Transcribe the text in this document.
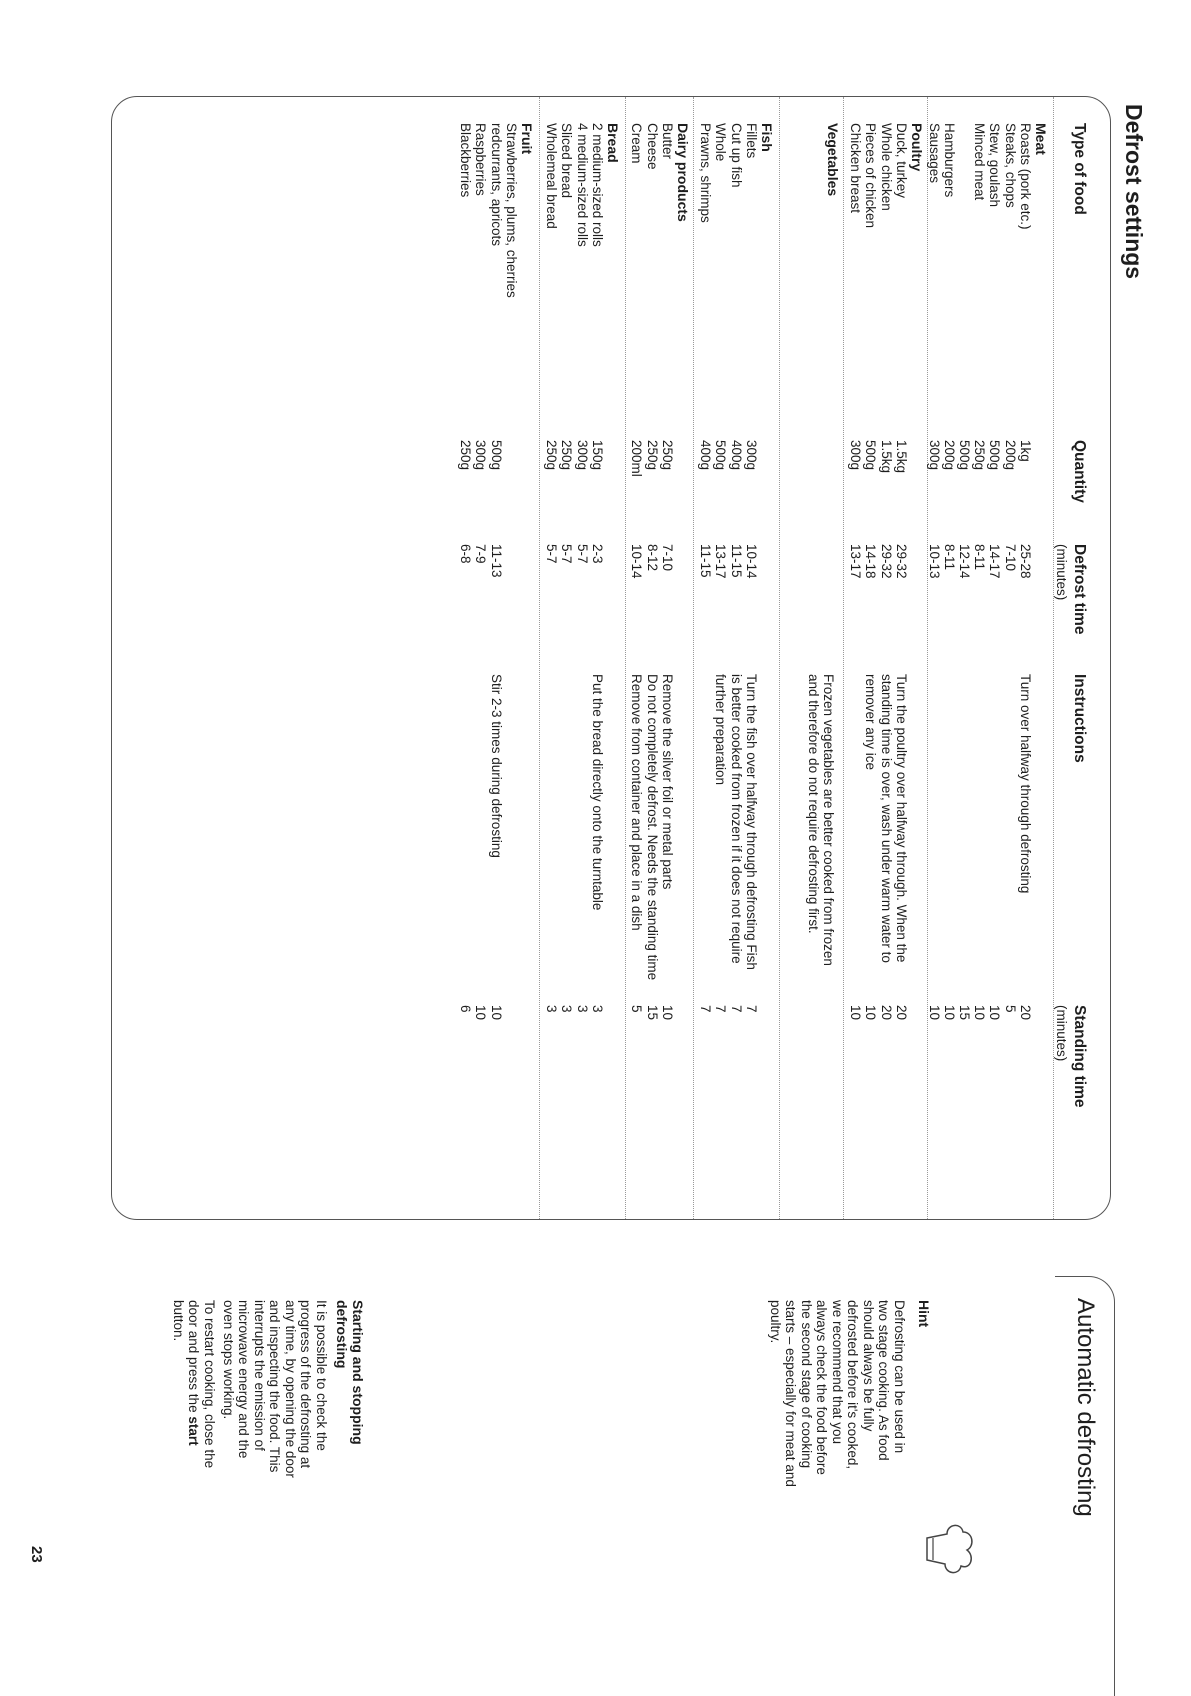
Defrost settings
Type of food
Quantity
Defrost time
(minutes)
Instructions
Standing time
(minutes)
Meat
Roasts (pork etc.)
1kg
25-28
20
Steaks, chops
200g
7-10
5
Stew, goulash
500g
14-17
10
Minced meat
250g
8-11
10
500g
12-14
15
Hamburgers
200g
8-11
10
Sausages
300g
10-13
10
Turn over halfway through defrosting
Poultry
Duck, turkey
1.5kg
29-32
20
Whole chicken
1.5kg
29-32
20
Pieces of chicken
500g
14-18
10
Chicken breast
300g
13-17
10
Turn the poultry over halfway through. When the standing time is over, wash under warm water to remover any ice
Vegetables
Frozen vegetables are better cooked from frozen and therefore do not require defrosting first.
Fish
Fillets
300g
10-14
7
Cut up fish
400g
11-15
7
Whole
500g
13-17
7
Prawns, shrimps
400g
11-15
7
Turn the fish over halfway through defrosting Fish is better cooked from frozen if it does not require further preparation
Dairy products
Butter
250g
7-10
Remove the silver foil or metal parts
10
Cheese
250g
8-12
Do not completely defrost. Needs the standing time
15
Cream
200ml
10-14
Remove from container and place in a dish
5
Bread
2 medium-sized rolls
150g
2-3
3
4 medium-sized rolls
300g
5-7
3
Sliced bread
250g
5-7
3
Wholemeal bread
250g
5-7
3
Put the bread directly onto the turntable
Fruit
Strawberries, plums, cherries
redcurrants, apricots
500g
11-13
10
Raspberries
300g
7-9
10
Blackberries
250g
6-8
6
Stir 2-3 times during defrosting
Automatic defrosting
Hint

Defrosting can be used in

two stage cooking. As food

should always be fully

defrosted before it's cooked,

we recommend that you

always check the food before

the second stage of cooking

starts – especially for meat and

poultry.

Starting and stopping
defrosting

It is possible to check the

progress of the defrosting at

any time, by opening the door

and inspecting the food. This

interrupts the emission of

microwave energy and the

oven stops working.

To restart cooking, close the

door and press the start

button.

23
